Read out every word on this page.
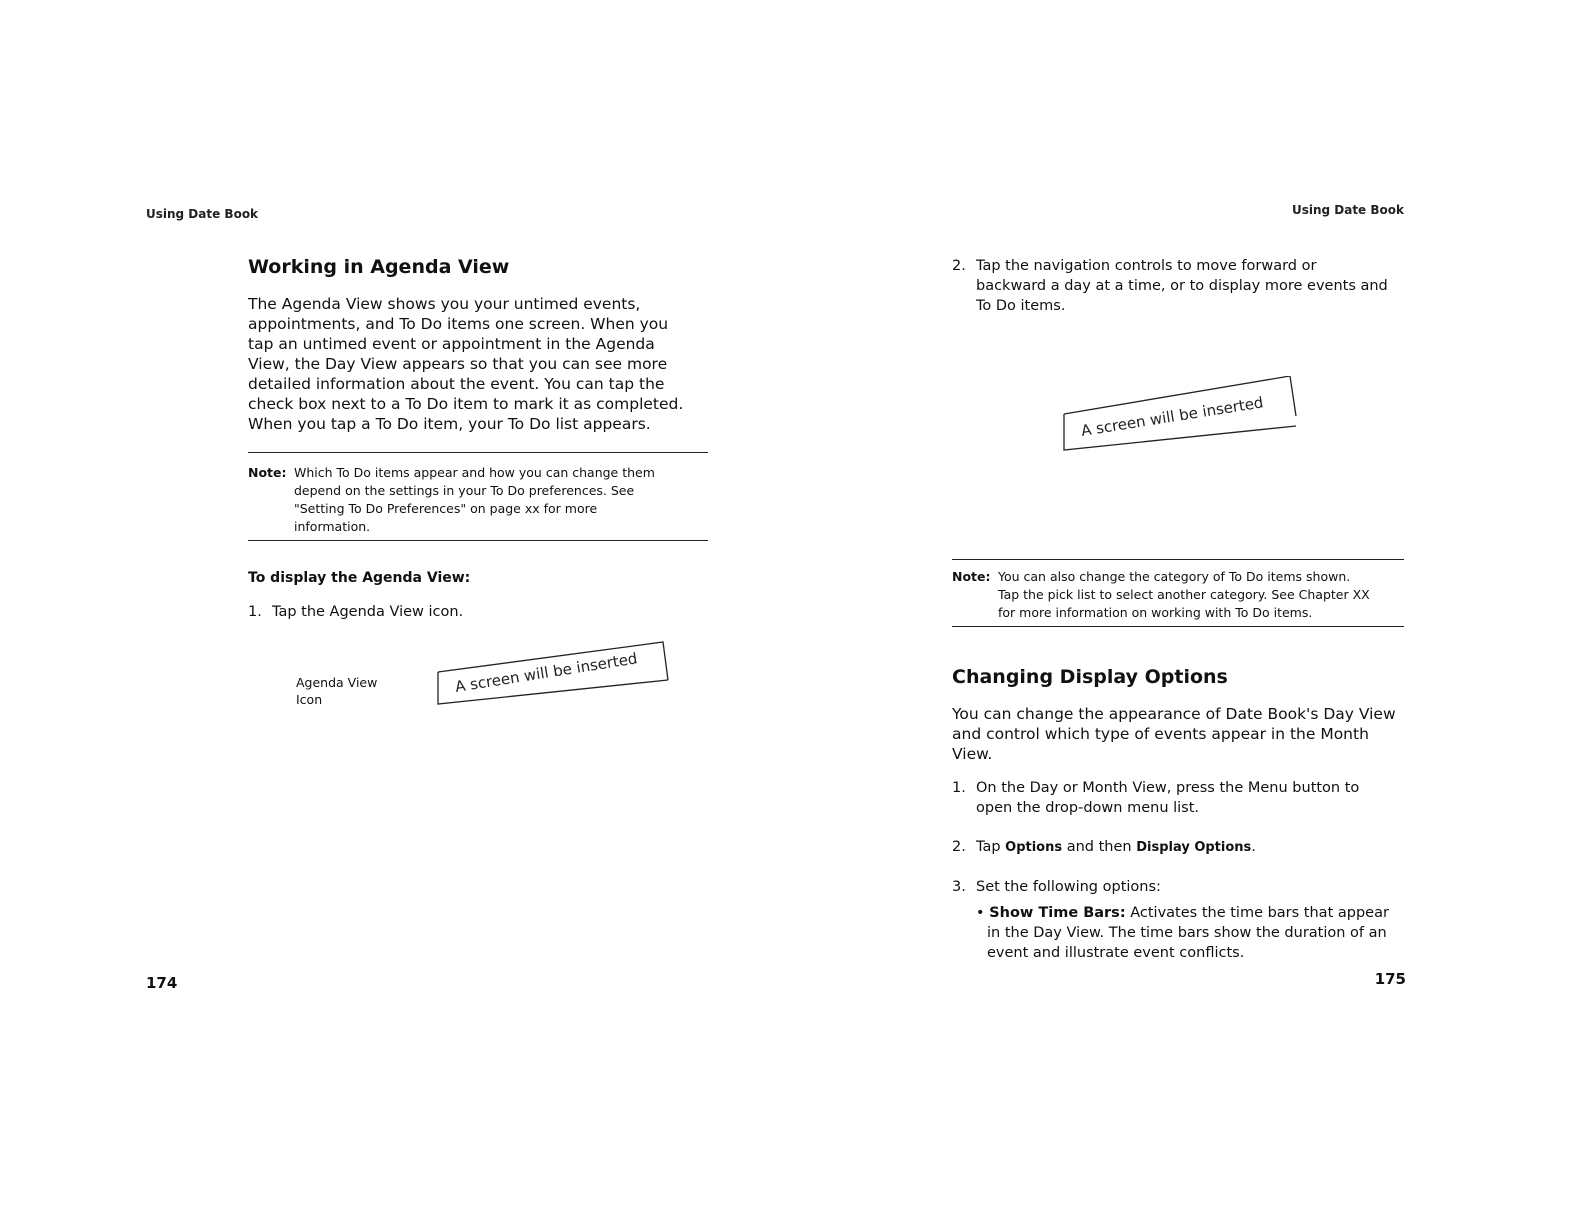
Using Date Book
Working in Agenda View
The Agenda View shows you your untimed events,
appointments, and To Do items one screen. When you
tap an untimed event or appointment in the Agenda
View, the Day View appears so that you can see more
detailed information about the event. You can tap the
check box next to a To Do item to mark it as completed.
When you tap a To Do item, your To Do list appears.
Note: Which To Do items appear and how you can change them
depend on the settings in your To Do preferences. See
"Setting To Do Preferences" on page xx for more
information.
To display the Agenda View:
1. Tap the Agenda View icon.
Agenda View
Icon
A screen will be inserted
174
Using Date Book
2. Tap the navigation controls to move forward or
backward a day at a time, or to display more events and
To Do items.
A screen will be inserted
Note: You can also change the category of To Do items shown.
Tap the pick list to select another category. See Chapter XX
for more information on working with To Do items.
Changing Display Options
You can change the appearance of Date Book's Day View
and control which type of events appear in the Month
View.
1. On the Day or Month View, press the Menu button to
open the drop-down menu list.
2. Tap Options and then Display Options.
3. Set the following options:
• Show Time Bars: Activates the time bars that appear
in the Day View. The time bars show the duration of an
event and illustrate event conflicts.
175
